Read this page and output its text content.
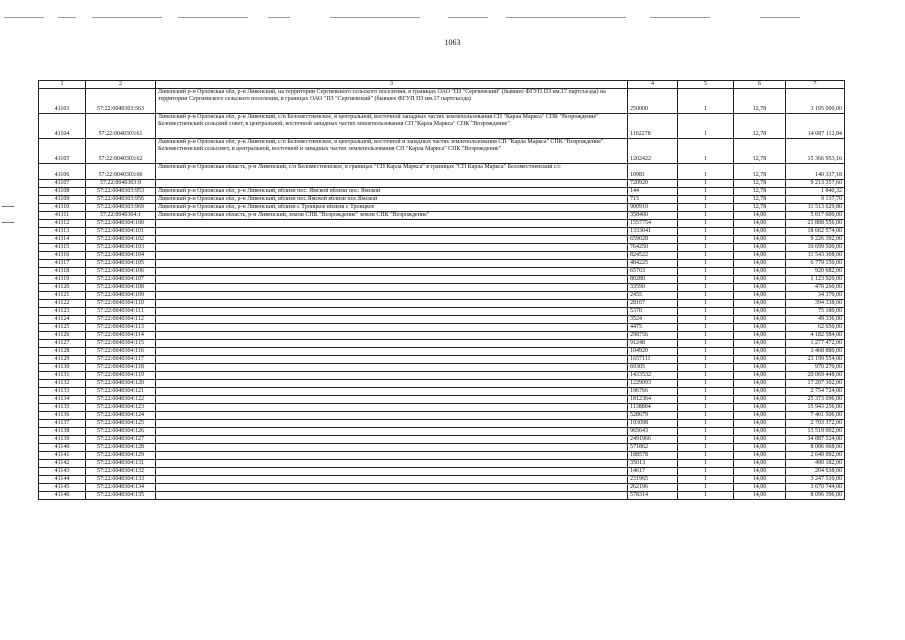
1063
1	2	3	4	5	6	7
41103	57:22:0040303:563	Ливенский р-н Орловская обл, р-н Ливенский, на территории Сергиевского сельского поселения, в границах ОАО "ПЗ "Сергиевский" (бывшее ФГУП ПЗ им.17 партсъезда) на территории Сергиевского сельского поселения, в границах ОАО "ПЗ "Сергиевский" (бывшее ФГУП ПЗ им.17 партсъезда)	250000	1	12,78	3 195 000,00
41104	57:22:0040303:61	Ливенский р-н Орловская обл, р-н Ливенский, с/п Беломестненское, в центральной, восточной западных частях землепользования СП "Карла Маркса" СПК "Возрождение" Беломестненский сельский совет, в центральной, восточной западных частях землепользования СП "Карла Маркса" СПК "Возрождение"	1102278	1	12,78	14 087 112,84
41105	57:22:0040303:62	Ливенский р-н Орловская обл, р-н Ливенский, с/п Беломестненское, в центральной, восточной и западных частях землепользования СП "Карла Маркса" СПК "Возрождение" Беломестненский сельсовет, в центральной, восточной и западных частях землепользования СП "Карла Маркса" СПК "Возрождение"	1202422	1	12,78	15 366 953,16
41106	57:22:0040303:66	Ливенский р-н Орловская область, р-н Ливенский, с/п Беломестненское, в границах "СП Карла Маркса" в границах "СП Карла Маркса" Беломестненский с/с	10981	1	12,78	140 337,18
41107	57:22:0040303:9		720920	1	12,78	9 213 357,60
41108	57:22:0040303:953	Ливенский р-н Орловская обл, р-н Ливенский, вблизи пос. Ямской вблизи пос. Ямской	144	1	12,78	1 840,32
41109	57:22:0040303:956	Ливенский р-н Орловская обл, р-н Ливенский, вблизи пос.Ямской вблизи пос.Ямской	715	1	12,78	9 137,70
41110	57:22:0040303:969	Ливенский р-н Орловская обл, р-н Ливенский, вблизи с Троицкое вблизи с Троицкое	900910	1	12,78	11 513 629,80
41111	57:22:0040304:1	Ливенский р-н Орловская область, р-н Ливенский, земли СПК "Возрождение" земли СПК "Возрождение"	358400	1	14,00	5 017 600,00
41112	57:22:0040304:100		1557754	1	14,00	21 808 556,00
41113	57:22:0040304:101		1333041	1	14,00	18 662 574,00
41114	57:22:0040304:102		659028	1	14,00	9 226 392,00
41115	57:22:0040304:103		764250	1	14,00	10 699 500,00
41116	57:22:0040304:104		824522	1	14,00	11 543 308,00
41117	57:22:0040304:105		484225	1	14,00	6 779 150,00
41118	57:22:0040304:106		65763	1	14,00	920 682,00
41119	57:22:0040304:107		80280	1	14,00	1 123 920,00
41120	57:22:0040304:108		33590	1	14,00	470 260,00
41121	57:22:0040304:109		2455	1	14,00	34 370,00
41122	57:22:0040304:110		28167	1	14,00	394 338,00
41123	57:22:0040304:111		5370	1	14,00	75 180,00
41124	57:22:0040304:112		3524	1	14,00	49 336,00
41125	57:22:0040304:113		4475	1	14,00	62 650,00
41126	57:22:0040304:114		298756	1	14,00	4 182 584,00
41127	57:22:0040304:115		91248	1	14,00	1 277 472,00
41128	57:22:0040304:116		104920	1	14,00	1 468 880,00
41129	57:22:0040304:117		1657111	1	14,00	23 199 554,00
41130	57:22:0040304:118		69305	1	14,00	970 270,00
41131	57:22:0040304:119		1433532	1	14,00	20 069 448,00
41132	57:22:0040304:120		1229093	1	14,00	17 207 302,00
41133	57:22:0040304:121		196766	1	14,00	2 754 724,00
41134	57:22:0040304:122		1812364	1	14,00	25 373 096,00
41135	57:22:0040304:123		1138804	1	14,00	15 943 256,00
41136	57:22:0040304:124		528679	1	14,00	7 401 506,00
41137	57:22:0040304:125		193098	1	14,00	2 703 372,00
41138	57:22:0040304:126		965643	1	14,00	13 519 002,00
41139	57:22:0040304:127		2491966	1	14,00	34 887 524,00
41140	57:22:0040304:128		571862	1	14,00	8 006 068,00
41141	57:22:0040304:129		188578	1	14,00	2 640 092,00
41142	57:22:0040304:131		35013	1	14,00	490 182,00
41143	57:22:0040304:132		14617	1	14,00	204 638,00
41144	57:22:0040304:133		231965	1	14,00	3 247 510,00
41145	57:22:0040304:134		262196	1	14,00	3 670 744,00
41146	57:22:0040304:135		578314	1	14,00	8 096 396,00
